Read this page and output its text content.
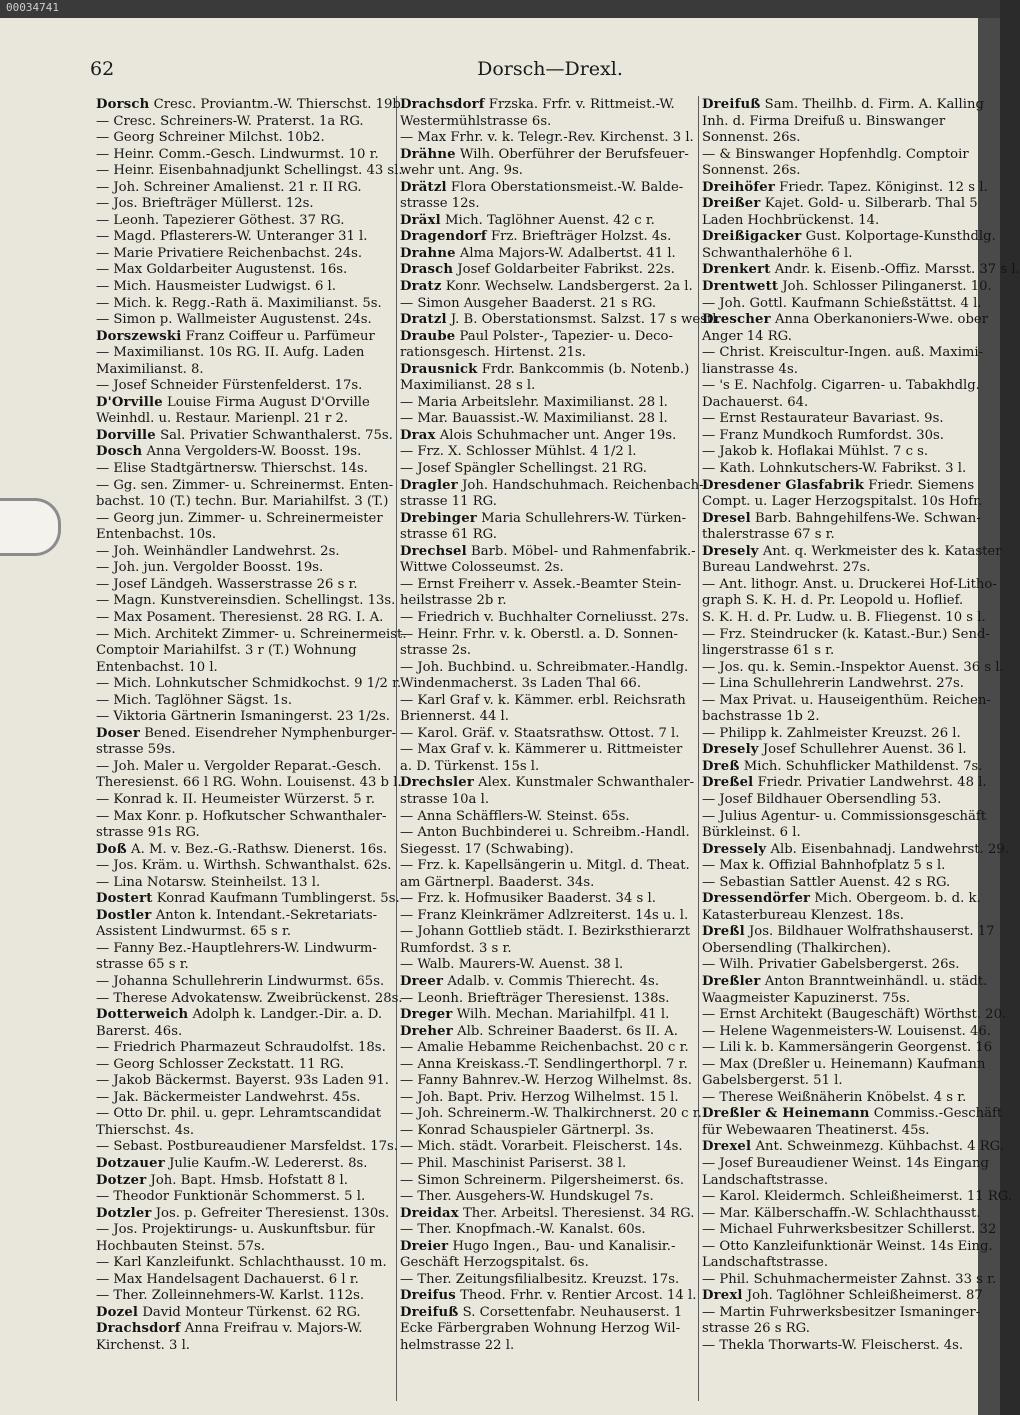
00034741
62	Dorsch—Drexl.
Dorsch Cresc. Proviantm.-W. Thierschst. 19b.
— Cresc. Schreiners-W. Praterst. 1a RG.
— Georg Schreiner Milchst. 10b2.
— Heinr. Comm.-Gesch. Lindwurmst. 10 r.
— Heinr. Eisenbahnadjunkt Schellingst. 43 sl.
— Joh. Schreiner Amalienst. 21 r. II RG.
— Jos. Briefträger Müllerst. 12s.
— Leonh. Tapezierer Göthest. 37 RG.
— Magd. Pflasterers-W. Unteranger 31 l.
— Marie Privatiere Reichenbachst. 24s.
— Max Goldarbeiter Augustenst. 16s.
— Mich. Hausmeister Ludwigst. 6 l.
— Mich. k. Regg.-Rath ä. Maximilianst. 5s.
— Simon p. Wallmeister Augustenst. 24s.
Dorszewski Franz Coiffeur u. Parfümeur
— Maximilianst. 10s RG. II. Aufg. Laden
Maximilianst. 8.
— Josef Schneider Fürstenfelderst. 17s.
D'Orville Louise Firma August D'Orville
Weinhdl. u. Restaur. Marienpl. 21 r 2.
Dorville Sal. Privatier Schwanthalerst. 75s.
Dosch Anna Vergolders-W. Boosst. 19s.
— Elise Stadtgärtnersw. Thierschst. 14s.
— Gg. sen. Zimmer- u. Schreinermst. Enten-
bachst. 10 (T.) techn. Bur. Mariahilfst. 3 (T.)
— Georg jun. Zimmer- u. Schreinermeister
Entenbachst. 10s.
— Joh. Weinhändler Landwehrst. 2s.
— Joh. jun. Vergolder Boosst. 19s.
— Josef Ländgeh. Wasserstrasse 26 s r.
— Magn. Kunstvereinsdien. Schellingst. 13s.
— Max Posament. Theresienst. 28 RG. I. A.
— Mich. Architekt Zimmer- u. Schreinermeist.
Comptoir Mariahilfst. 3 r (T.) Wohnung
Entenbachst. 10 l.
— Mich. Lohnkutscher Schmidkochst. 9 1/2 r.
— Mich. Taglöhner Sägst. 1s.
— Viktoria Gärtnerin Ismaningerst. 23 1/2s.
Doser Bened. Eisendreher Nymphenburger-
strasse 59s.
— Joh. Maler u. Vergolder Reparat.-Gesch.
Theresienst. 66 l RG. Wohn. Louisenst. 43 b l.
— Konrad k. II. Heumeister Würzerst. 5 r.
— Max Konr. p. Hofkutscher Schwanthaler-
strasse 91s RG.
Doß A. M. v. Bez.-G.-Rathsw. Dienerst. 16s.
— Jos. Kräm. u. Wirthsh. Schwanthalst. 62s.
— Lina Notarsw. Steinheilst. 13 l.
Dostert Konrad Kaufmann Tumblingerst. 5s.
Dostler Anton k. Intendant.-Sekretariats-
Assistent Lindwurmst. 65 s r.
— Fanny Bez.-Hauptlehrers-W. Lindwurm-
strasse 65 s r.
— Johanna Schullehrerin Lindwurmst. 65s.
— Therese Advokatensw. Zweibrückenst. 28s.
Dotterweich Adolph k. Landger.-Dir. a. D.
Barerst. 46s.
— Friedrich Pharmazeut Schraudolfst. 18s.
— Georg Schlosser Zeckstatt. 11 RG.
— Jakob Bäckermst. Bayerst. 93s Laden 91.
— Jak. Bäckermeister Landwehrst. 45s.
— Otto Dr. phil. u. gepr. Lehramtscandidat
Thierschst. 4s.
— Sebast. Postbureaudiener Marsfeldst. 17s.
Dotzauer Julie Kaufm.-W. Ledererst. 8s.
Dotzer Joh. Bapt. Hmsb. Hofstatt 8 l.
— Theodor Funktionär Schommerst. 5 l.
Dotzler Jos. p. Gefreiter Theresienst. 130s.
— Jos. Projektirungs- u. Auskunftsbur. für
Hochbauten Steinst. 57s.
— Karl Kanzleifunkt. Schlachthausst. 10 m.
— Max Handelsagent Dachauerst. 6 l r.
— Ther. Zolleinnehmers-W. Karlst. 112s.
Dozel David Monteur Türkenst. 62 RG.
Drachsdorf Anna Freifrau v. Majors-W.
Kirchenst. 3 l.
Drachsdorf Frzska. Frfr. v. Rittmeist.-W.
Westermühlstrasse 6s.
— Max Frhr. v. k. Telegr.-Rev. Kirchenst. 3 l.
Drähne Wilh. Oberführer der Berufsfeuer-
wehr unt. Ang. 9s.
Drätzl Flora Oberstationsmeist.-W. Balde-
strasse 12s.
Dräxl Mich. Taglöhner Auenst. 42 c r.
Dragendorf Frz. Briefträger Holzst. 4s.
Drahne Alma Majors-W. Adalbertst. 41 l.
Drasch Josef Goldarbeiter Fabrikst. 22s.
Dratz Konr. Wechselw. Landsbergerst. 2a l.
— Simon Ausgeher Baaderst. 21 s RG.
Dratzl J. B. Oberstationsmst. Salzst. 17 s westl.
Draube Paul Polster-, Tapezier- u. Deco-
rationsgesch. Hirtenst. 21s.
Drausnick Frdr. Bankcommis (b. Notenb.)
Maximilianst. 28 s l.
— Maria Arbeitslehr. Maximilianst. 28 l.
— Mar. Bauassist.-W. Maximilianst. 28 l.
Drax Alois Schuhmacher unt. Anger 19s.
— Frz. X. Schlosser Mühlst. 4 1/2 l.
— Josef Spängler Schellingst. 21 RG.
Dragler Joh. Handschuhmach. Reichenbach-
strasse 11 RG.
Drebinger Maria Schullehrers-W. Türken-
strasse 61 RG.
Drechsel Barb. Möbel- und Rahmenfabrik.-
Wittwe Colosseumst. 2s.
— Ernst Freiherr v. Assek.-Beamter Stein-
heilstrasse 2b r.
— Friedrich v. Buchhalter Corneliusst. 27s.
— Heinr. Frhr. v. k. Oberstl. a. D. Sonnen-
strasse 2s.
— Joh. Buchbind. u. Schreibmater.-Handlg.
Windenmacherst. 3s Laden Thal 66.
— Karl Graf v. k. Kämmer. erbl. Reichsrath
Briennerst. 44 l.
— Karol. Gräf. v. Staatsrathsw. Ottost. 7 l.
— Max Graf v. k. Kämmerer u. Rittmeister
a. D. Türkenst. 15s l.
Drechsler Alex. Kunstmaler Schwanthaler-
strasse 10a l.
— Anna Schäfflers-W. Steinst. 65s.
— Anton Buchbinderei u. Schreibm.-Handl.
Siegesst. 17 (Schwabing).
— Frz. k. Kapellsängerin u. Mitgl. d. Theat.
am Gärtnerpl. Baaderst. 34s.
— Frz. k. Hofmusiker Baaderst. 34 s l.
— Franz Kleinkrämer Adlzreiterst. 14s u. l.
— Johann Gottlieb städt. I. Bezirksthierarzt
Rumfordst. 3 s r.
— Walb. Maurers-W. Auenst. 38 l.
Dreer Adalb. v. Commis Thierecht. 4s.
— Leonh. Briefträger Theresienst. 138s.
Dreger Wilh. Mechan. Mariahilfpl. 41 l.
Dreher Alb. Schreiner Baaderst. 6s II. A.
— Amalie Hebamme Reichenbachst. 20 c r.
— Anna Kreiskass.-T. Sendlingerthorpl. 7 r.
— Fanny Bahnrev.-W. Herzog Wilhelmst. 8s.
— Joh. Bapt. Priv. Herzog Wilhelmst. 15 l.
— Joh. Schreinerm.-W. Thalkirchnerst. 20 c r.
— Konrad Schauspieler Gärtnerpl. 3s.
— Mich. städt. Vorarbeit. Fleischerst. 14s.
— Phil. Maschinist Pariserst. 38 l.
— Simon Schreinerm. Pilgersheimerst. 6s.
— Ther. Ausgehers-W. Hundskugel 7s.
Dreidax Ther. Arbeitsl. Theresienst. 34 RG.
— Ther. Knopfmach.-W. Kanalst. 60s.
Dreier Hugo Ingen., Bau- und Kanalisir.-
Geschäft Herzogspitalst. 6s.
— Ther. Zeitungsfilialbesitz. Kreuzst. 17s.
Dreifus Theod. Frhr. v. Rentier Arcost. 14 l.
Dreifuß S. Corsettenfabr. Neuhauserst. 1
Ecke Färbergraben Wohnung Herzog Wil-
helmstrasse 22 l.
Dreifuß Sam. Theilhb. d. Firm. A. Kalling
Inh. d. Firma Dreifuß u. Binswanger
Sonnenst. 26s.
— & Binswanger Hopfenhdlg. Comptoir
Sonnenst. 26s.
Dreihöfer Friedr. Tapez. Königinst. 12 s l.
Dreißer Kajet. Gold- u. Silberarb. Thal 5
Laden Hochbrückenst. 14.
Dreißigacker Gust. Kolportage-Kunsthdlg.
Schwanthalerhöhe 6 l.
Drenkert Andr. k. Eisenb.-Offiz. Marsst. 37 s l.
Drentwett Joh. Schlosser Pilinganerst. 10.
— Joh. Gottl. Kaufmann Schießstättst. 4 l.
Drescher Anna Oberkanoniers-Wwe. ober
Anger 14 RG.
— Christ. Kreiscultur-Ingen. auß. Maximi-
lianstrasse 4s.
— 's E. Nachfolg. Cigarren- u. Tabakhdlg.
Dachauerst. 64.
— Ernst Restaurateur Bavariast. 9s.
— Franz Mundkoch Rumfordst. 30s.
— Jakob k. Hoflakai Mühlst. 7 c s.
— Kath. Lohnkutschers-W. Fabrikst. 3 l.
Dresdener Glasfabrik Friedr. Siemens
Compt. u. Lager Herzogspitalst. 10s Hofr.
Dresel Barb. Bahngehilfens-We. Schwan-
thalerstrasse 67 s r.
Dresely Ant. q. Werkmeister des k. Kataster
Bureau Landwehrst. 27s.
— Ant. lithogr. Anst. u. Druckerei Hof-Litho-
graph S. K. H. d. Pr. Leopold u. Hoflief.
S. K. H. d. Pr. Ludw. u. B. Fliegenst. 10 s l.
— Frz. Steindrucker (k. Katast.-Bur.) Send-
lingerstrasse 61 s r.
— Jos. qu. k. Semin.-Inspektor Auenst. 36 s l.
— Lina Schullehrerin Landwehrst. 27s.
— Max Privat. u. Hauseigenthüm. Reichen-
bachstrasse 1b 2.
— Philipp k. Zahlmeister Kreuzst. 26 l.
Dresely Josef Schullehrer Auenst. 36 l.
Dreß Mich. Schuhflicker Mathildenst. 7s.
Dreßel Friedr. Privatier Landwehrst. 48 l.
— Josef Bildhauer Obersendling 53.
— Julius Agentur- u. Commissionsgeschäft
Bürkleinst. 6 l.
Dressely Alb. Eisenbahnadj. Landwehrst. 29.
— Max k. Offizial Bahnhofplatz 5 s l.
— Sebastian Sattler Auenst. 42 s RG.
Dressendörfer Mich. Obergeom. b. d. k.
Katasterbureau Klenzest. 18s.
Dreßl Jos. Bildhauer Wolfrathshauserst. 17
Obersendling (Thalkirchen).
— Wilh. Privatier Gabelsbergerst. 26s.
Dreßler Anton Branntweinhändl. u. städt.
Waagmeister Kapuzinerst. 75s.
— Ernst Architekt (Baugeschäft) Wörthst. 20.
— Helene Wagenmeisters-W. Louisenst. 46.
— Lili k. b. Kammersängerin Georgenst. 16
— Max (Dreßler u. Heinemann) Kaufmann
Gabelsbergerst. 51 l.
— Therese Weißnäherin Knöbelst. 4 s r.
Dreßler & Heinemann Commiss.-Geschäft
für Webewaaren Theatinerst. 45s.
Drexel Ant. Schweinmezg. Kühbachst. 4 RG.
— Josef Bureaudiener Weinst. 14s Eingang
Landschaftstrasse.
— Karol. Kleidermch. Schleißheimerst. 11 RG.
— Mar. Kälberschaffn.-W. Schlachthausst.
— Michael Fuhrwerksbesitzer Schillerst. 32
— Otto Kanzleifunktionär Weinst. 14s Eing.
Landschaftstrasse.
— Phil. Schuhmachermeister Zahnst. 33 s r.
Drexl Joh. Taglöhner Schleißheimerst. 87
— Martin Fuhrwerksbesitzer Ismaninger-
strasse 26 s RG.
— Thekla Thorwarts-W. Fleischerst. 4s.
